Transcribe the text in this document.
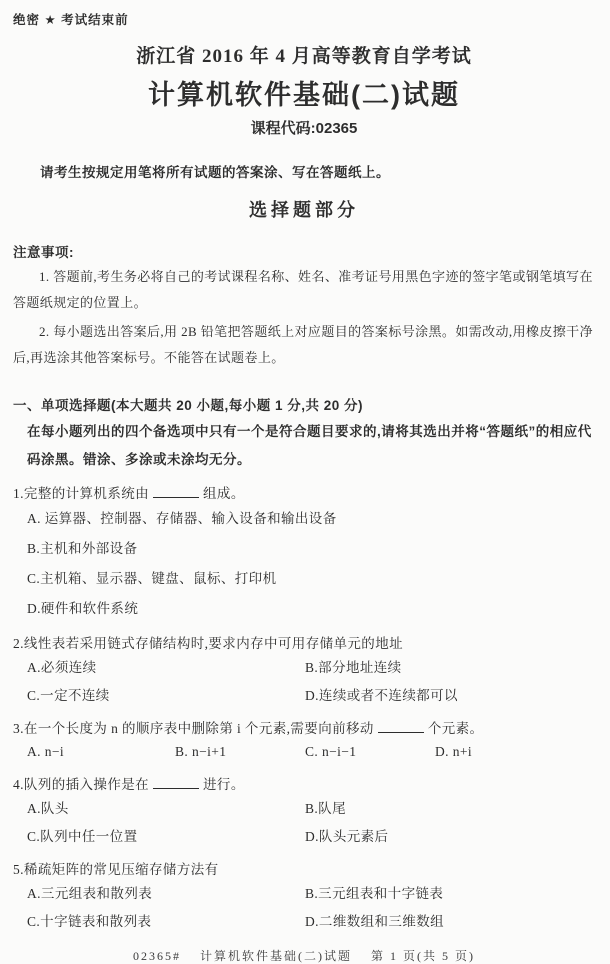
绝密 ★ 考试结束前
浙江省 2016 年 4 月高等教育自学考试
计算机软件基础(二)试题
课程代码:02365
请考生按规定用笔将所有试题的答案涂、写在答题纸上。
选择题部分
注意事项:

1. 答题前,考生务必将自己的考试课程名称、姓名、准考证号用黑色字迹的签字笔或钢笔填写在答题纸规定的位置上。

2. 每小题选出答案后,用 2B 铅笔把答题纸上对应题目的答案标号涂黑。如需改动,用橡皮擦干净后,再选涂其他答案标号。不能答在试题卷上。

一、单项选择题(本大题共 20 小题,每小题 1 分,共 20 分)
在每小题列出的四个备选项中只有一个是符合题目要求的,请将其选出并将“答题纸”的相应代码涂黑。错涂、多涂或未涂均无分。
1.完整的计算机系统由	组成。
A. 运算器、控制器、存储器、输入设备和输出设备
B.主机和外部设备
C.主机箱、显示器、键盘、鼠标、打印机
D.硬件和软件系统
2.线性表若采用链式存储结构时,要求内存中可用存储单元的地址
A.必须连续	B.部分地址连续
C.一定不连续	D.连续或者不连续都可以
3.在一个长度为 n 的顺序表中删除第 i 个元素,需要向前移动	个元素。
A. n−i	B. n−i+1	C. n−i−1	D. n+i
4.队列的插入操作是在	进行。
A.队头	B.队尾
C.队列中任一位置	D.队头元素后
5.稀疏矩阵的常见压缩存储方法有
A.三元组表和散列表	B.三元组表和十字链表
C.十字链表和散列表	D.二维数组和三维数组
02365#　 计算机软件基础(二)试题　 第 1 页(共 5 页)
